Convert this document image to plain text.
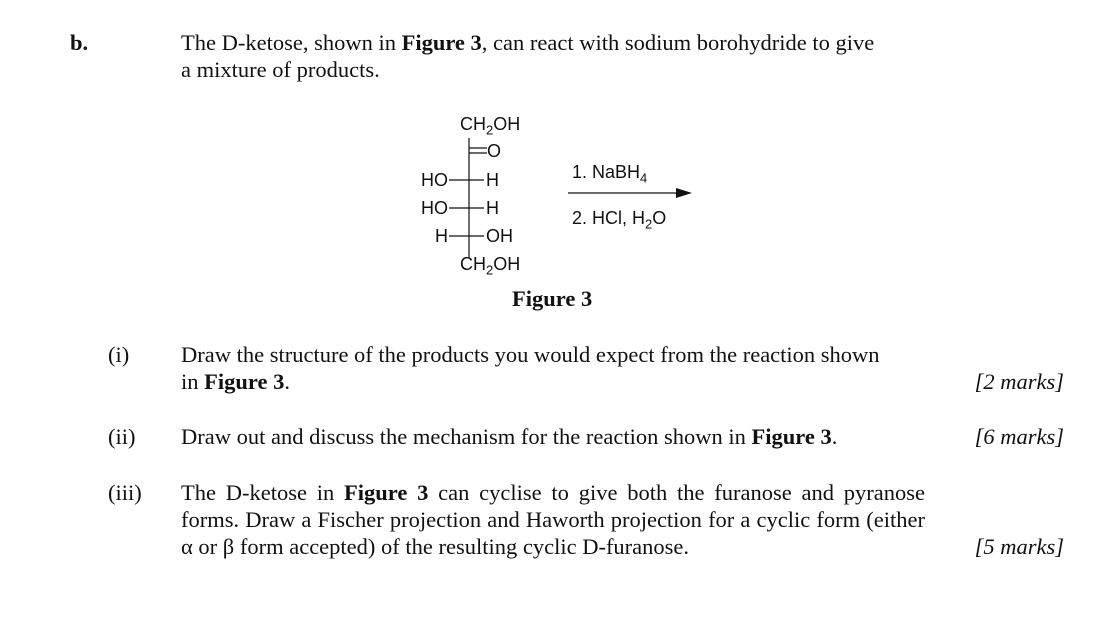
b.	The D-ketose, shown in Figure 3, can react with sodium borohydride to give
a mixture of products.
$CH_2OH$
O
HO H
HO H
H OH
$CH_2OH$
1. NaBH$_4$
2. HCl, $H_2O$
Figure 3
(i) Draw the structure of the products you would expect from the reaction shown
in Figure 3.	[2 marks]
(ii) Draw out and discuss the mechanism for the reaction shown in Figure 3.	[6 marks]
(iii) The D-ketose in Figure 3 can cyclise to give both the furanose and pyranose forms. Draw a Fischer projection and Haworth projection for a cyclic form (either α or β form accepted) of the resulting cyclic D-furanose.	[5 marks]
